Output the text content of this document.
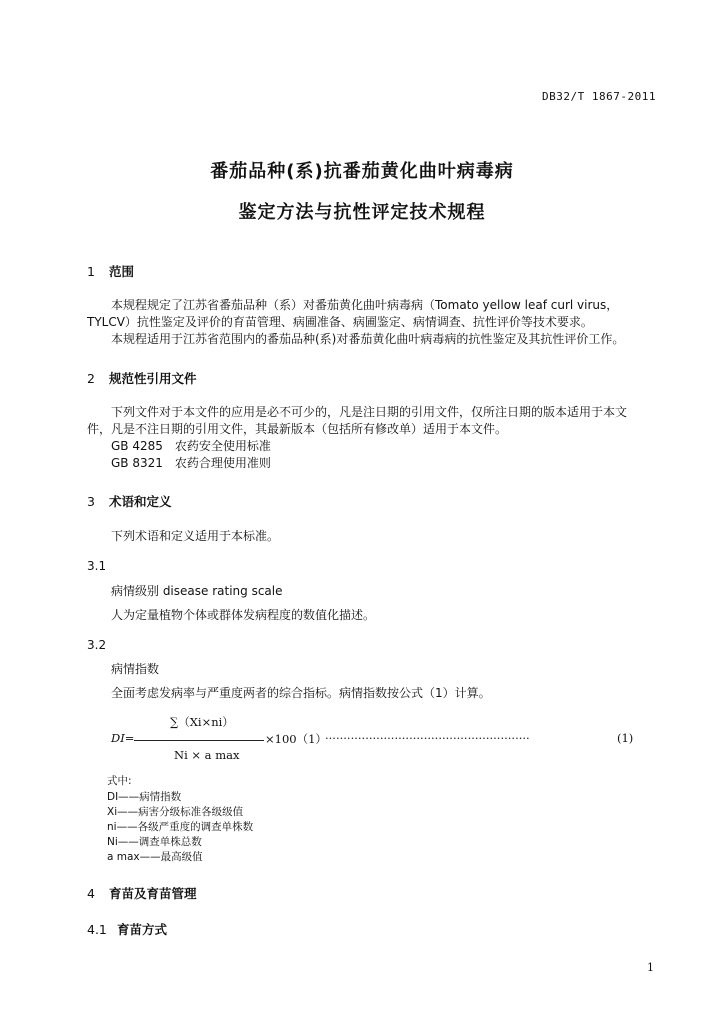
DB32/T 1867-2011
番茄品种(系)抗番茄黄化曲叶病毒病
鉴定方法与抗性评定技术规程
1 范围
本规程规定了江苏省番茄品种（系）对番茄黄化曲叶病毒病（Tomato yellow leaf curl virus，
TYLCV）抗性鉴定及评价的育苗管理、病圃准备、病圃鉴定、病情调查、抗性评价等技术要求。
本规程适用于江苏省范围内的番茄品种(系)对番茄黄化曲叶病毒病的抗性鉴定及其抗性评价工作。
2 规范性引用文件
下列文件对于本文件的应用是必不可少的，凡是注日期的引用文件，仅所注日期的版本适用于本文
件，凡是不注日期的引用文件，其最新版本（包括所有修改单）适用于本文件。
GB 4285　农药安全使用标准
GB 8321　农药合理使用准则
3 术语和定义
下列术语和定义适用于本标准。
3.1
病情级别 disease rating scale
人为定量植物个体或群体发病程度的数值化描述。
3.2
病情指数
全面考虑发病率与严重度两者的综合指标。病情指数按公式（1）计算。
∑（Xi×ni）
DI=	×100（1）
························································	(1)
Ni × a max
式中:
DI——病情指数
Xi——病害分级标准各级级值
ni——各级严重度的调查单株数
Ni——调查单株总数
a max——最高级值
4 育苗及育苗管理
4.1 育苗方式
1
